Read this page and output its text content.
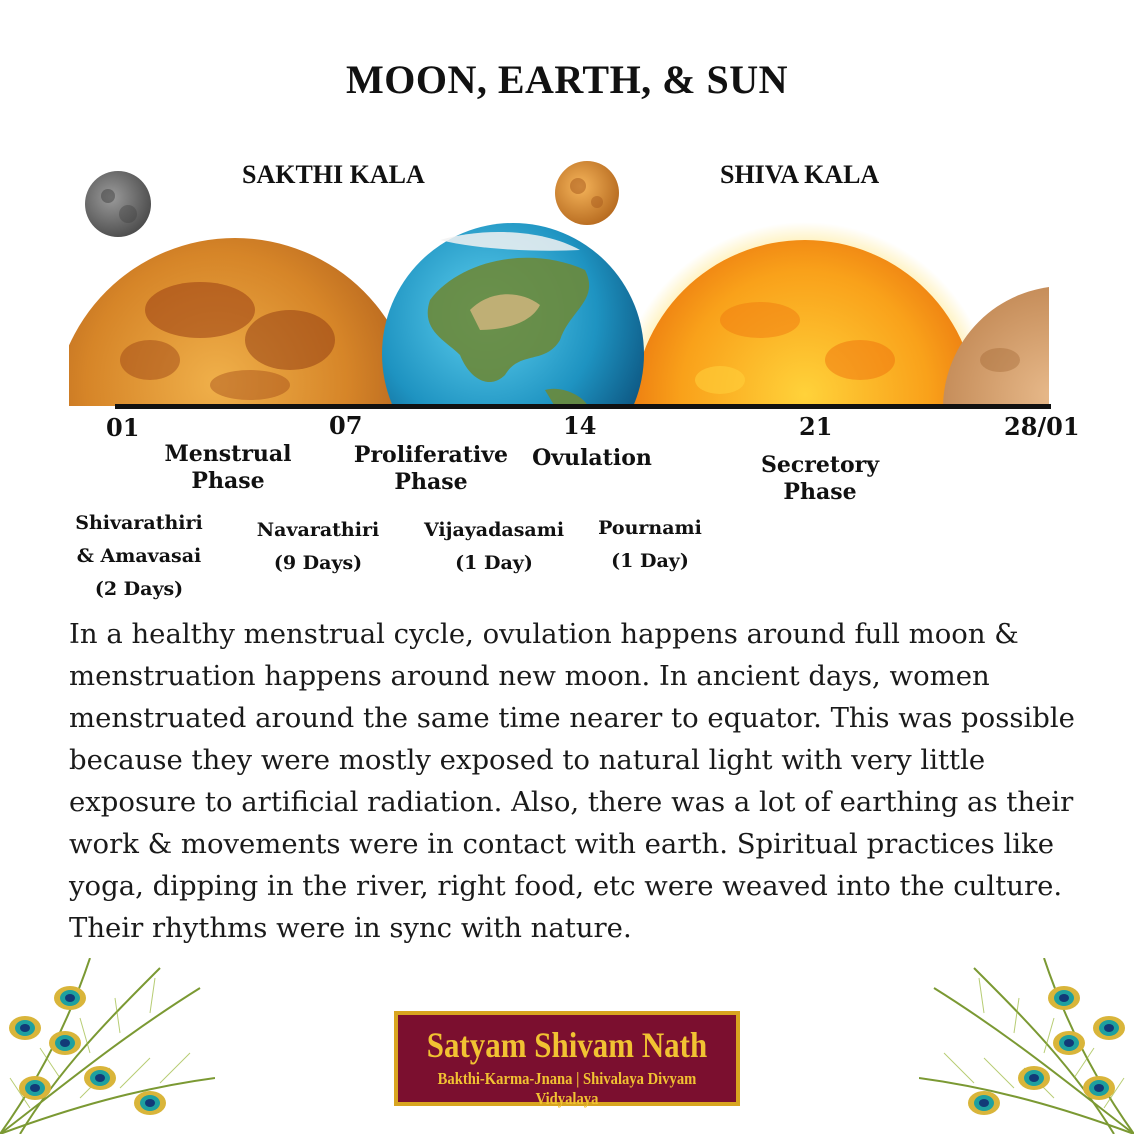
MOON, EARTH, & SUN
SAKTHI KALA	SHIVA KALA
01	07	14	21	28/01
Menstrual
Phase
Proliferative
Phase
Ovulation	Secretory
Phase
Shivarathiri
& Amavasai
(2 Days)
Navarathiri
(9 Days)
Vijayadasami
(1 Day)
Pournami
(1 Day)
In a healthy menstrual cycle, ovulation happens around full moon & menstruation happens around new moon. In ancient days, women menstruated around the same time nearer to equator. This was possible because they were mostly exposed to natural light with very little exposure to artificial radiation. Also, there was a lot of earthing as their work & movements were in contact with earth. Spiritual practices like yoga, dipping in the river, right food, etc were weaved into the culture. Their rhythms were in sync with nature.
Satyam Shivam Nath
Bakthi-Karma-Jnana | Shivalaya Divyam Vidyalaya
